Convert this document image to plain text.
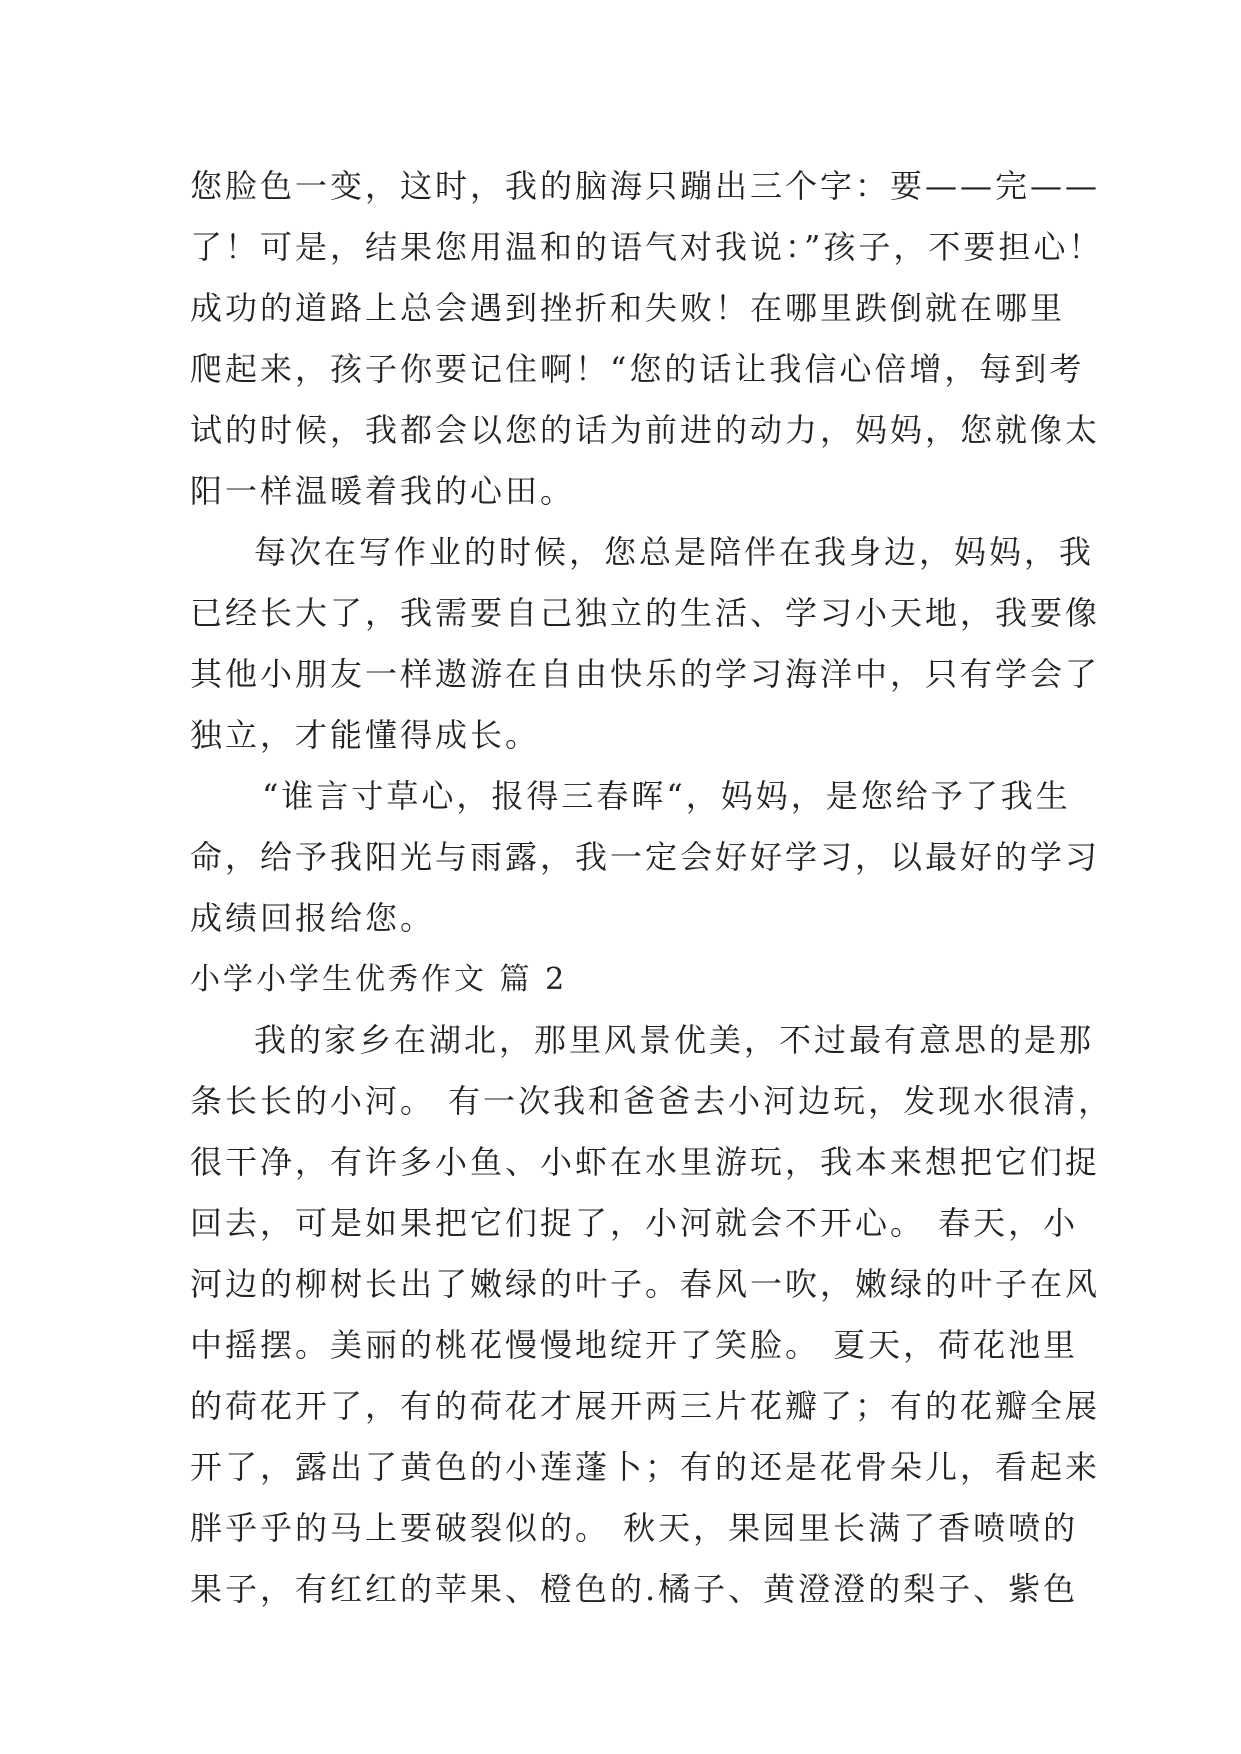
您脸色一变，这时，我的脑海只蹦出三个字：要——完——
了！可是，结果您用温和的语气对我说：”孩子，不要担心！
成功的道路上总会遇到挫折和失败！在哪里跌倒就在哪里
爬起来，孩子你要记住啊！“您的话让我信心倍增，每到考
试的时候，我都会以您的话为前进的动力，妈妈，您就像太
阳一样温暖着我的心田。
每次在写作业的时候，您总是陪伴在我身边，妈妈，我
已经长大了，我需要自己独立的生活、学习小天地，我要像
其他小朋友一样遨游在自由快乐的学习海洋中，只有学会了
独立，才能懂得成长。
“谁言寸草心，报得三春晖“，妈妈，是您给予了我生
命，给予我阳光与雨露，我一定会好好学习，以最好的学习
成绩回报给您。
小学小学生优秀作文 篇 2
我的家乡在湖北，那里风景优美，不过最有意思的是那
条长长的小河。 有一次我和爸爸去小河边玩，发现水很清，
很干净，有许多小鱼、小虾在水里游玩，我本来想把它们捉
回去，可是如果把它们捉了，小河就会不开心。 春天，小
河边的柳树长出了嫩绿的叶子。春风一吹，嫩绿的叶子在风
中摇摆。美丽的桃花慢慢地绽开了笑脸。 夏天，荷花池里
的荷花开了，有的荷花才展开两三片花瓣了；有的花瓣全展
开了，露出了黄色的小莲蓬卜；有的还是花骨朵儿，看起来
胖乎乎的马上要破裂似的。 秋天，果园里长满了香喷喷的
果子，有红红的苹果、橙色的.橘子、黄澄澄的梨子、紫色
